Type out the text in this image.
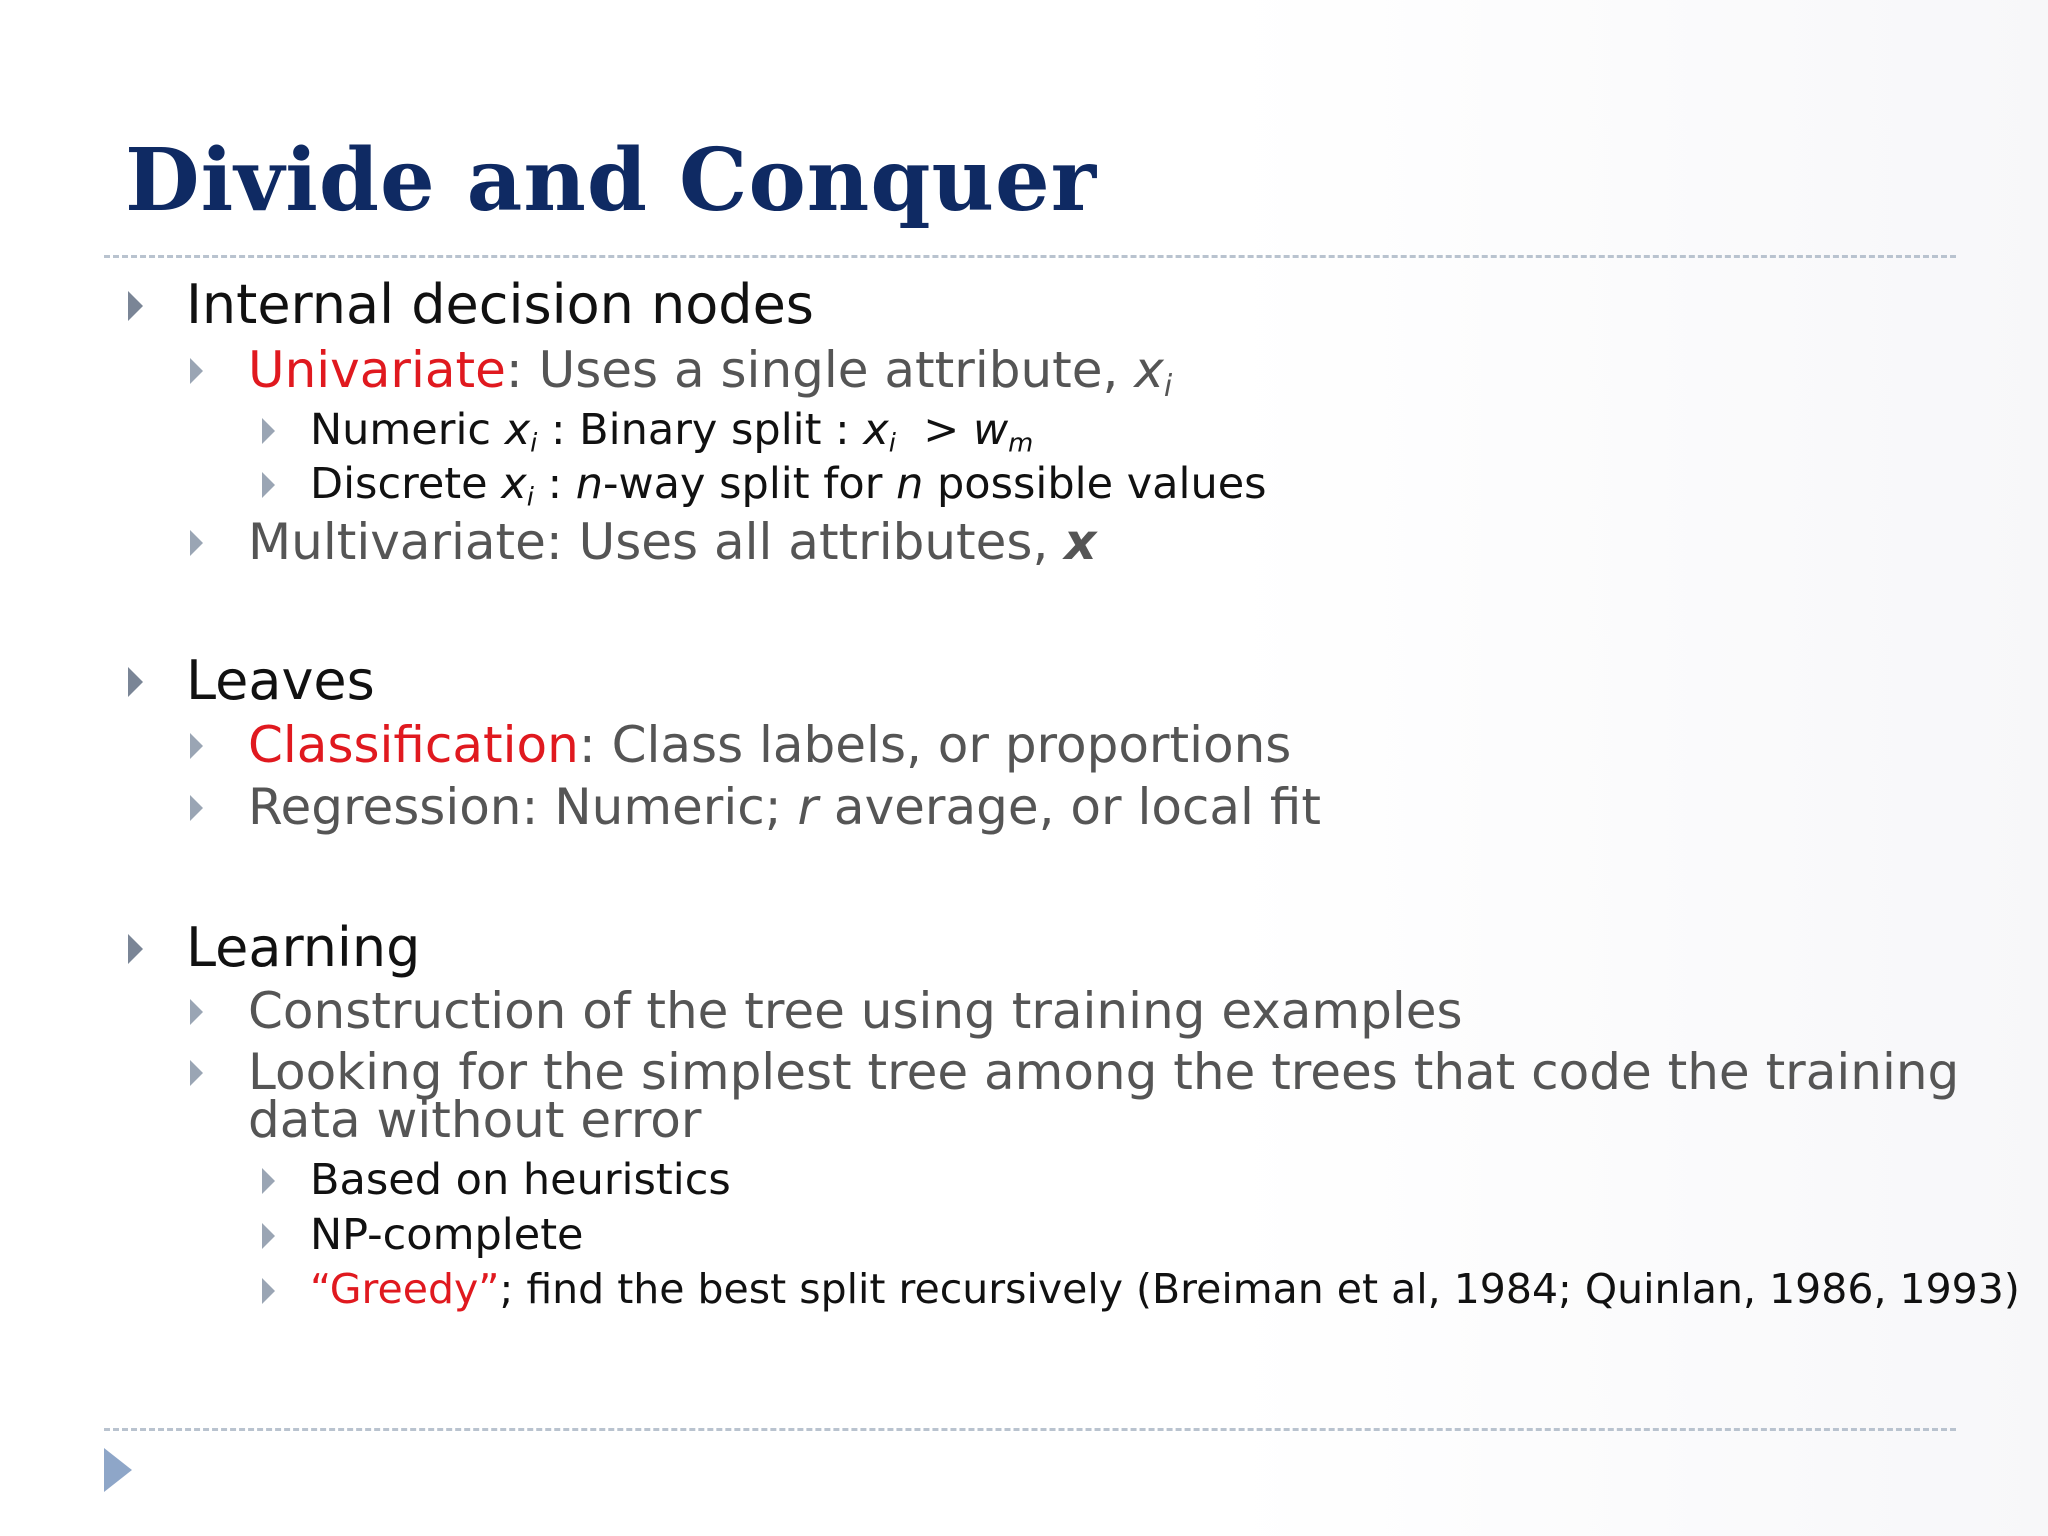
Divide and Conquer
Internal decision nodes
Univariate: Uses a single attribute, $x_i$
Numeric $x_i$ : Binary split : $x_i > w_m$
Discrete $x_i$ : n-way split for n possible values
Multivariate: Uses all attributes, x
Leaves
Classification: Class labels, or proportions
Regression: Numeric; r average, or local fit
Learning
Construction of the tree using training examples
Looking for the simplest tree among the trees that code the training
data without error
Based on heuristics
NP-complete
“Greedy”; find the best split recursively (Breiman et al, 1984; Quinlan, 1986, 1993)
